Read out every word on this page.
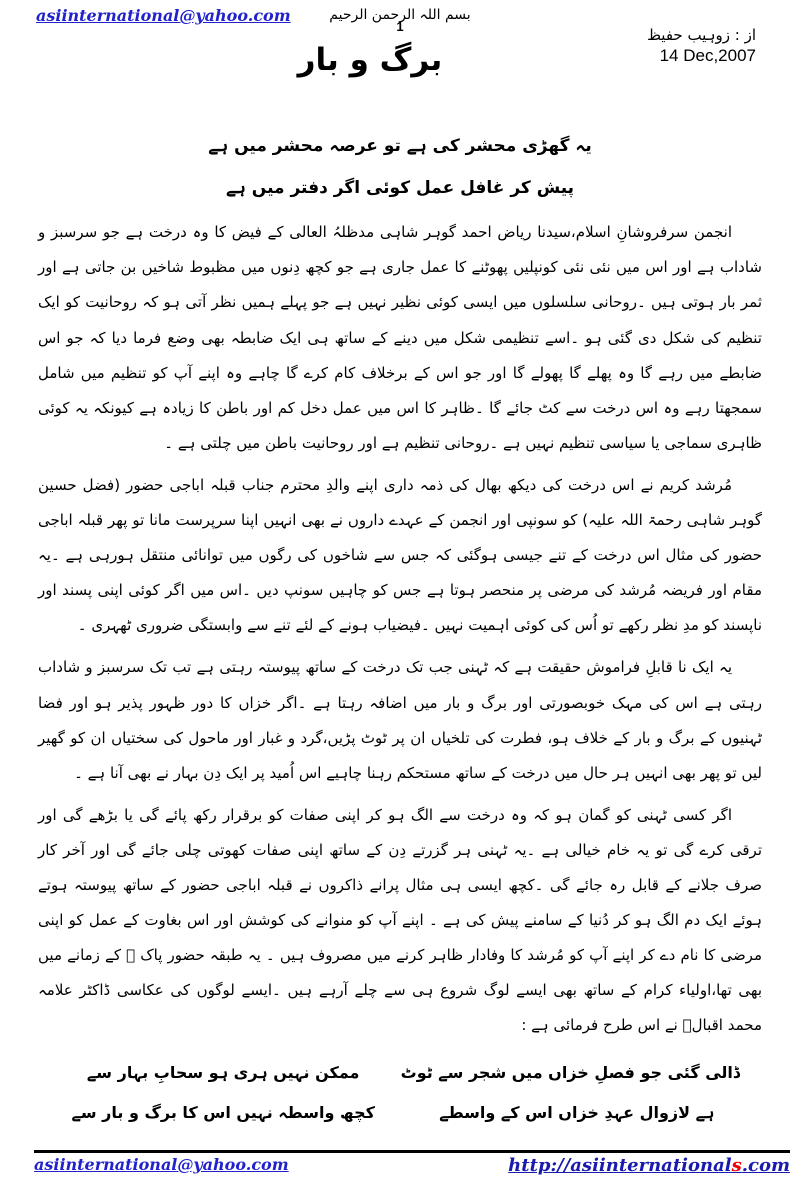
asiinternational@yahoo.com	بسم اللہ الرحمن الرحیم
1	از : زوہیب حفیظ
14 Dec,2007
برگ و بار
یہ گھڑی محشر کی ہے تو عرصہ محشر میں ہے
پیش کر غافل عمل کوئی اگر دفتر میں ہے

انجمن سرفروشانِ اسلام،سیدنا ریاض احمد گوہر شاہی مدظلہُ العالی کے فیض کا وہ درخت ہے جو سرسبز و شاداب ہے اور اس میں نئی نئی کونپلیں پھوٹنے کا عمل جاری ہے جو کچھ دِنوں میں مظبوط شاخیں بن جاتی ہے اور ثمر بار ہوتی ہیں ۔روحانی سلسلوں میں ایسی کوئی نظیر نہیں ہے جو پہلے ہمیں نظر آتی ہو کہ روحانیت کو ایک تنظیم کی شکل دی گئی ہو ۔اسے تنظیمی شکل میں دینے کے ساتھ ہی ایک ضابطہ بھی وضع فرما دیا کہ جو اس ضابطے میں رہے گا وہ پھلے گا پھولے گا اور جو اس کے برخلاف کام کرے گا چاہے وہ اپنے آپ کو تنظیم میں شامل سمجھتا رہے وہ اس درخت سے کٹ جائے گا ۔ظاہر کا اس میں عمل دخل کم اور باطن کا زیادہ ہے کیونکہ یہ کوئی ظاہری سماجی یا سیاسی تنظیم نہیں ہے ۔روحانی تنظیم ہے اور روحانیت باطن میں چلتی ہے ۔

مُرشد کریم نے اس درخت کی دیکھ بھال کی ذمہ داری اپنے والدِ محترم جناب قبلہ اباجی حضور (فضل حسین گوہر شاہی رحمۃ اللہ علیہ) کو سونپی اور انجمن کے عہدے داروں نے بھی انہیں اپنا سرپرست مانا تو پھر قبلہ اباجی حضور کی مثال اس درخت کے تنے جیسی ہوگئی کہ جس سے شاخوں کی رگوں میں توانائی منتقل ہورہی ہے ۔یہ مقام اور فریضہ مُرشد کی مرضی پر منحصر ہوتا ہے جس کو چاہیں سونپ دیں ۔اس میں اگر کوئی اپنی پسند اور ناپسند کو مدِ نظر رکھے تو اُس کی کوئی اہمیت نہیں ۔فیضیاب ہونے کے لئے تنے سے وابستگی ضروری ٹھہری ۔

یہ ایک نا قابلِ فراموش حقیقت ہے کہ ٹہنی جب تک درخت کے ساتھ پیوستہ رہتی ہے تب تک سرسبز و شاداب رہتی ہے اس کی مہک خوبصورتی اور برگ و بار میں اضافہ رہتا ہے ۔اگر خزاں کا دور ظہور پذیر ہو اور فضا ٹہنیوں کے برگ و بار کے خلاف ہو، فطرت کی تلخیاں ان پر ٹوٹ پڑیں،گرد و غبار اور ماحول کی سختیاں ان کو گھیر لیں تو پھر بھی انہیں ہر حال میں درخت کے ساتھ مستحکم رہنا چاہیے اس اُمید پر ایک دِن بہار نے بھی آنا ہے ۔

اگر کسی ٹہنی کو گمان ہو کہ وہ درخت سے الگ ہو کر اپنی صفات کو برقرار رکھ پائے گی یا بڑھے گی اور ترقی کرے گی تو یہ خام خیالی ہے ۔یہ ٹہنی ہر گزرتے دِن کے ساتھ اپنی صفات کھوتی چلی جائے گی اور آخر کار صرف جلانے کے قابل رہ جائے گی ۔کچھ ایسی ہی مثال پرانے ذاکروں نے قبلہ اباجی حضور کے ساتھ پیوستہ ہوتے ہوئے ایک دم الگ ہو کر دُنیا کے سامنے پیش کی ہے ۔ اپنے آپ کو منوانے کی کوشش اور اس بغاوت کے عمل کو اپنی مرضی کا نام دے کر اپنے آپ کو مُرشد کا وفادار ظاہر کرنے میں مصروف ہیں ۔ یہ طبقہ حضور پاک ﷺ کے زمانے میں بھی تھا،اولیاء کرام کے ساتھ بھی ایسے لوگ شروع ہی سے چلے آرہے ہیں ۔ایسے لوگوں کی عکاسی ڈاکٹر علامہ محمد اقبالؒ نے اس طرح فرمائی ہے :

ڈالی گئی جو فصلِ خزاں میں شجر سے ٹوٹ
ممکن نہیں ہری ہو سحابِ بہار سے
ہے لازوال عہدِ خزاں اس کے واسطے
کچھ واسطہ نہیں اس کا برگ و بار سے
asiinternational@yahoo.com	http://asiinternationals.com
